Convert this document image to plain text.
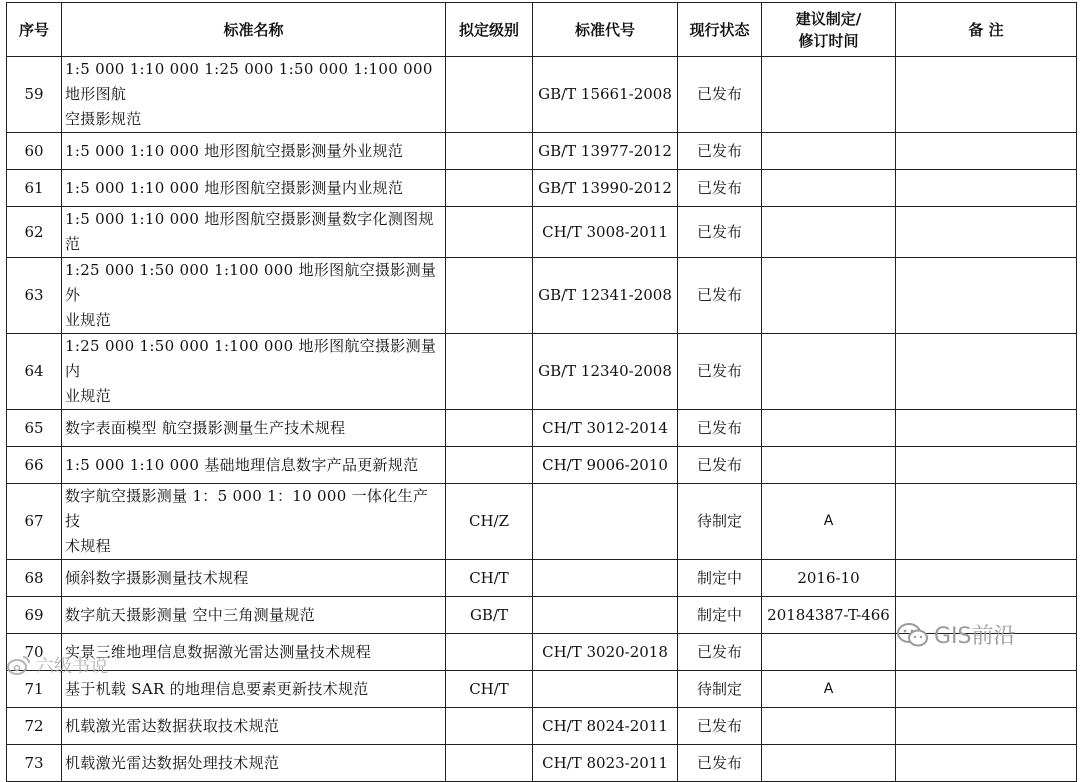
序号	标准名称	拟定级别	标准代号	现行状态	建议制定/
修订时间	备 注
59	1:5 000 1:10 000 1:25 000 1:50 000 1:100 000 地形图航
空摄影规范		GB/T 15661-2008	已发布		
60	1:5 000 1:10 000 地形图航空摄影测量外业规范		GB/T 13977-2012	已发布		
61	1:5 000 1:10 000 地形图航空摄影测量内业规范		GB/T 13990-2012	已发布		
62	1:5 000 1:10 000 地形图航空摄影测量数字化测图规
范		CH/T 3008-2011	已发布		
63	1:25 000 1:50 000 1:100 000 地形图航空摄影测量外
业规范		GB/T 12341-2008	已发布		
64	1:25 000 1:50 000 1:100 000 地形图航空摄影测量内
业规范		GB/T 12340-2008	已发布		
65	数字表面模型 航空摄影测量生产技术规程		CH/T 3012-2014	已发布		
66	1:5 000 1:10 000 基础地理信息数字产品更新规范		CH/T 9006-2010	已发布		
67	数字航空摄影测量 1：5 000 1：10 000 一体化生产技
术规程	CH/Z		待制定	A	
68	倾斜数字摄影测量技术规程	CH/T		制定中	2016-10	
69	数字航天摄影测量 空中三角测量规范	GB/T		制定中	20184387-T-466	
70	实景三维地理信息数据激光雷达测量技术规程		CH/T 3020-2018	已发布		
71	基于机载 SAR 的地理信息要素更新技术规范	CH/T		待制定	A	
72	机载激光雷达数据获取技术规范		CH/T 8024-2011	已发布		
73	机载激光雷达数据处理技术规范		CH/T 8023-2011	已发布		
GIS前沿
六级书说
